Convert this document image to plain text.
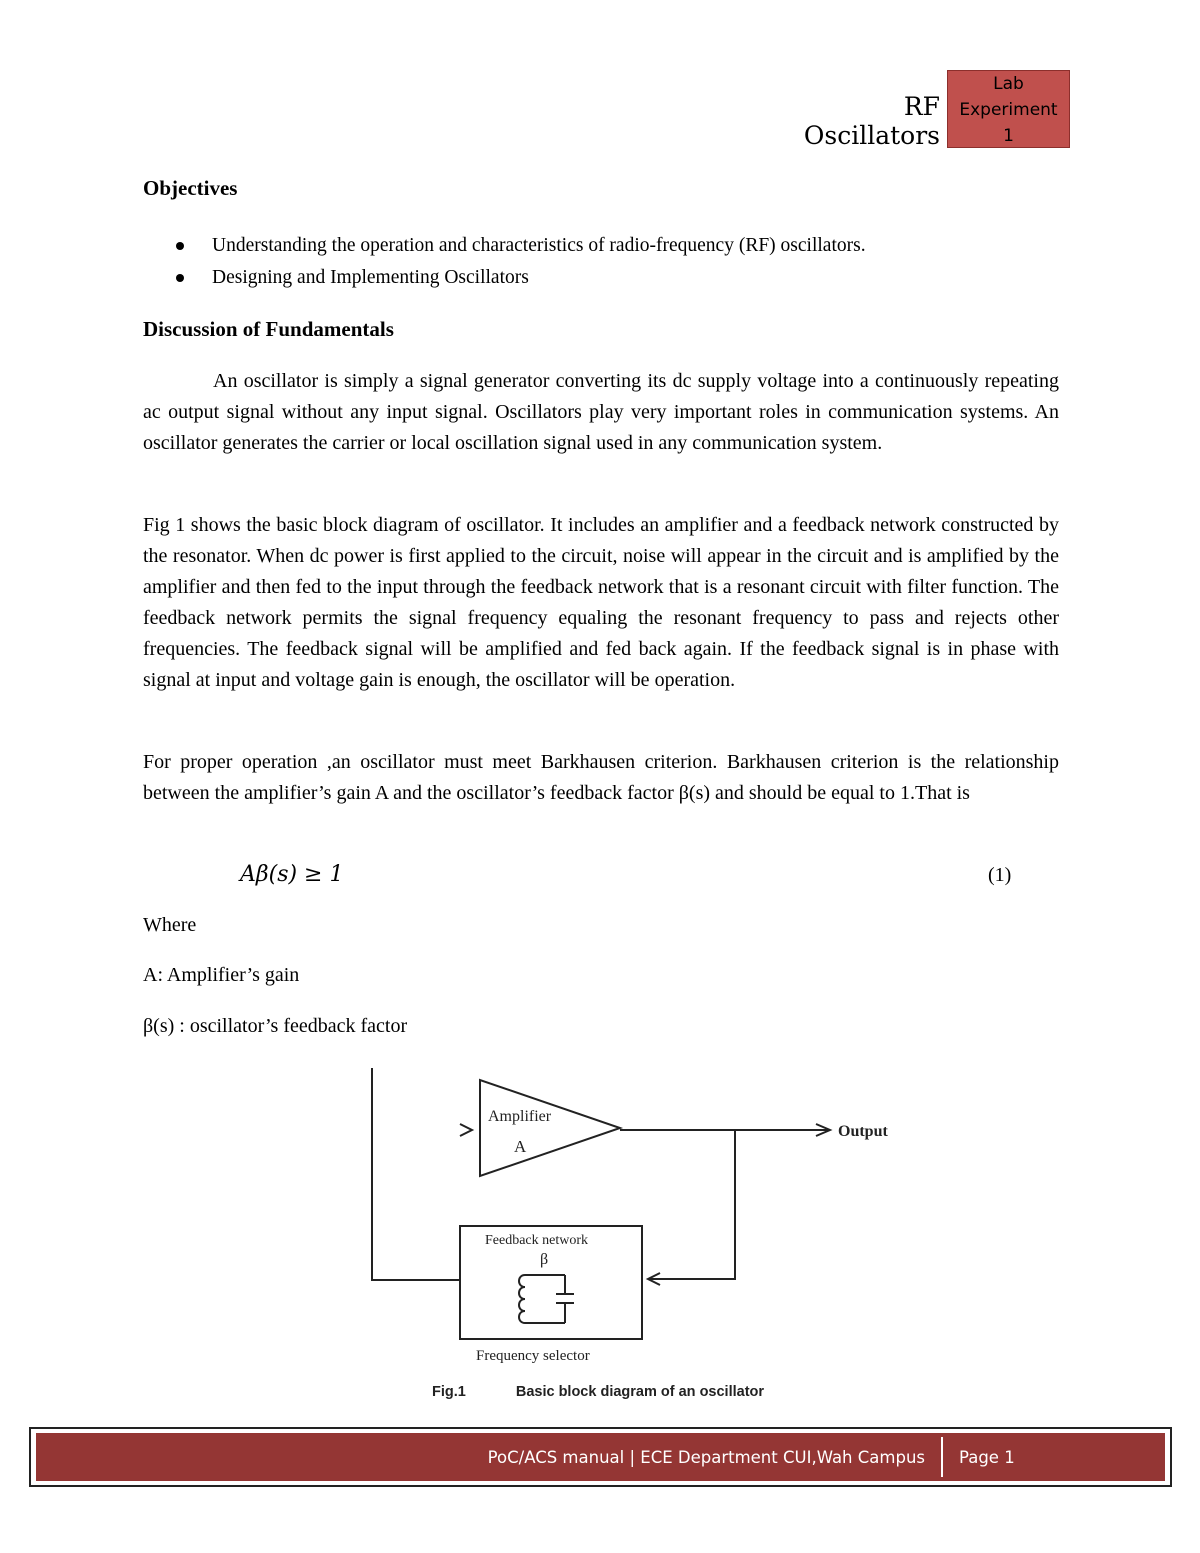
RF Oscillators
Lab
Experiment
1
Objectives
Understanding the operation and characteristics of radio-frequency (RF) oscillators.
Designing and Implementing Oscillators
Discussion of Fundamentals

An oscillator is simply a signal generator converting its dc supply voltage into a continuously repeating ac output signal without any input signal. Oscillators play very important roles in communication systems. An oscillator generates the carrier or local oscillation signal used in any communication system.

Fig 1 shows the basic block diagram of oscillator. It includes an amplifier and a feedback network constructed by the resonator. When dc power is first applied to the circuit, noise will appear in the circuit and is amplified by the amplifier and then fed to the input through the feedback network that is a resonant circuit with filter function. The feedback network permits the signal frequency equaling the resonant frequency to pass and rejects other frequencies. The feedback signal will be amplified and fed back again. If the feedback signal is in phase with signal at input and voltage gain is enough, the oscillator will be operation.

For proper operation ,an oscillator must meet Barkhausen criterion. Barkhausen criterion is the relationship between the amplifier’s gain A and the oscillator’s feedback factor β(s) and should be equal to 1.That is

Aβ(s) ≥ 1	(1)
Where
A: Amplifier’s gain
β(s) : oscillator’s feedback factor
Amplifier
A
Output
Feedback network
β
Frequency selector
Fig.1	Basic block diagram of an oscillator
PoC/ACS manual | ECE Department CUI,Wah Campus	Page 1
